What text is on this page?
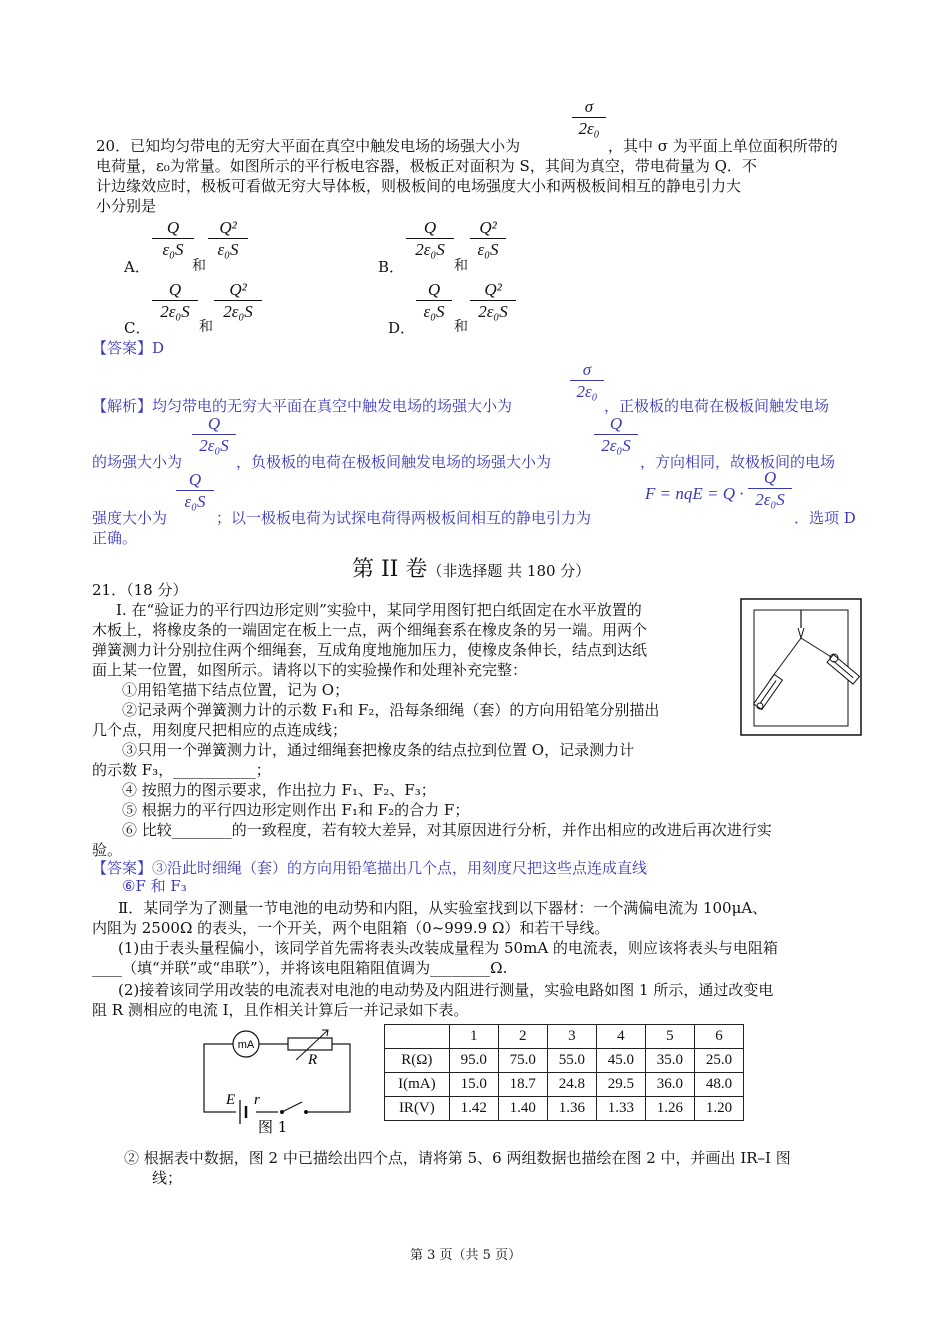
$\frac{\sigma}{\text{2ε₀}}$
20．已知均匀带电的无穷大平面在真空中触发电场的场强大小为	，其中 σ 为平面上单位面积所带的
电荷量，ε₀为常量。如图所示的平行板电容器，极板正对面积为 S，其间为真空，带电荷量为 Q．不
计边缘效应时，极板可看做无穷大导体板，则极板间的电场强度大小和两极板间相互的静电引力大
小分别是
A．
$\frac{Q}{\text{ε₀S}}$
和
$\frac{\text{Q²}}{\text{ε₀S}}$
B．
$\frac{Q}{\text{2ε₀S}}$
和
$\frac{\text{Q²}}{\text{ε₀S}}$
C．
$\frac{Q}{\text{2ε₀S}}$
和
$\frac{\text{Q²}}{\text{2ε₀S}}$
D．
$\frac{Q}{\text{ε₀S}}$
和
$\frac{\text{Q²}}{\text{2ε₀S}}$
【答案】D
$\frac{\sigma}{\text{2ε₀}}$
【解析】均匀带电的无穷大平面在真空中触发电场的场强大小为	，正极板的电荷在极板间触发电场
$\frac{Q}{\text{2ε₀S}}$
的场强大小为	，负极板的电荷在极板间触发电场的场强大小为
$\frac{Q}{\text{2ε₀S}}$
，方向相同，故极板间的电场
$\frac{Q}{\text{ε₀S}}$
强度大小为	；以一极板电荷为试探电荷得两极板间相互的静电引力为
F = nqE = $Q \cdot \frac{Q}{\text{2ε₀S}}$
．选项 D
正确。
第 II 卷（非选择题 共 180 分）
21．（18 分）
Ⅰ. 在“验证力的平行四边形定则”实验中，某同学用图钉把白纸固定在水平放置的
木板上，将橡皮条的一端固定在板上一点，两个细绳套系在橡皮条的另一端。用两个
弹簧测力计分别拉住两个细绳套，互成角度地施加压力，使橡皮条伸长，结点到达纸
面上某一位置，如图所示。请将以下的实验操作和处理补充完整：
①用铅笔描下结点位置，记为 O；
②记录两个弹簧测力计的示数 F₁和 F₂，沿每条细绳（套）的方向用铅笔分别描出
几个点，用刻度尺把相应的点连成线；
③只用一个弹簧测力计，通过细绳套把橡皮条的结点拉到位置 O，记录测力计
的示数 F₃，___________；
④ 按照力的图示要求，作出拉力 F₁、F₂、F₃；
⑤ 根据力的平行四边形定则作出 F₁和 F₂的合力 F；
⑥ 比较________的一致程度，若有较大差异，对其原因进行分析，并作出相应的改进后再次进行实
验。
【答案】③沿此时细绳（套）的方向用铅笔描出几个点，用刻度尺把这些点连成直线
⑥F 和 F₃
Ⅱ．某同学为了测量一节电池的电动势和内阻，从实验室找到以下器材：一个满偏电流为 100μA、
内阻为 2500Ω 的表头，一个开关，两个电阻箱（0~999.9 Ω）和若干导线。
(1)由于表头量程偏小，该同学首先需将表头改装成量程为 50mA 的电流表，则应该将表头与电阻箱
____（填“并联”或“串联”），并将该电阻箱阻值调为________Ω.
(2)接着该同学用改装的电流表对电池的电动势及内阻进行测量，实验电路如图 1 所示，通过改变电
阻 R 测相应的电流 I，且作相关计算后一并记录如下表。
mA
R
E r
图 1
	1	2	3	4	5	6
R(Ω)	95.0	75.0	55.0	45.0	35.0	25.0
I(mA)	15.0	18.7	24.8	29.5	36.0	48.0
IR(V)	1.42	1.40	1.36	1.33	1.26	1.20
② 根据表中数据，图 2 中已描绘出四个点，请将第 5、6 两组数据也描绘在图 2 中，并画出 IR–I 图
线；
第 3 页（共 5 页）
